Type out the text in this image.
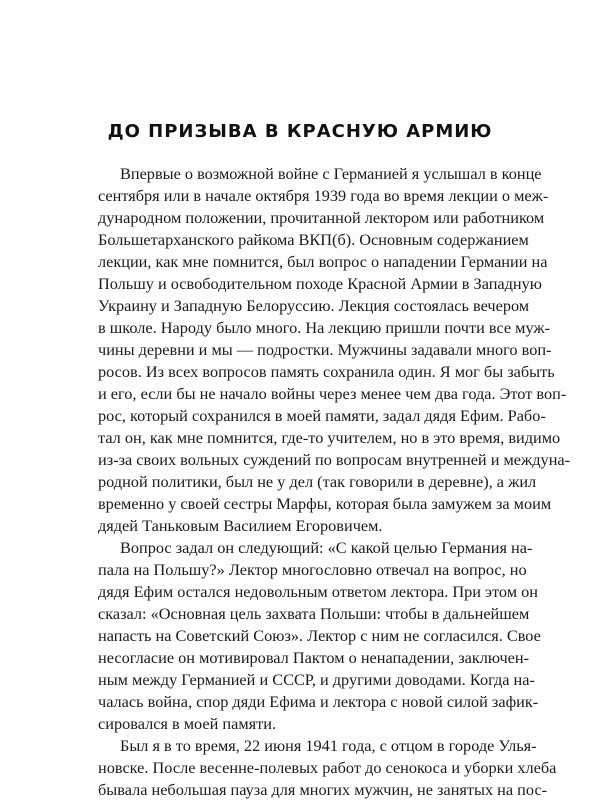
ДО ПРИЗЫВА В КРАСНУЮ АРМИЮ
Впервые о возможной войне с Германией я услышал в конце
сентября или в начале октября 1939 года во время лекции о меж-
дународном положении, прочитанной лектором или работником
Большетарханского райкома ВКП(б). Основным содержанием
лекции, как мне помнится, был вопрос о нападении Германии на
Польшу и освободительном походе Красной Армии в Западную
Украину и Западную Белоруссию. Лекция состоялась вечером
в школе. Народу было много. На лекцию пришли почти все муж-
чины деревни и мы — подростки. Мужчины задавали много воп-
росов. Из всех вопросов память сохранила один. Я мог бы забыть
и его, если бы не начало войны через менее чем два года. Этот воп-
рос, который сохранился в моей памяти, задал дядя Ефим. Рабо-
тал он, как мне помнится, где-то учителем, но в это время, видимо
из-за своих вольных суждений по вопросам внутренней и междуна-
родной политики, был не у дел (так говорили в деревне), а жил
временно у своей сестры Марфы, которая была замужем за моим
дядей Таньковым Василием Егоровичем.
Вопрос задал он следующий: «С какой целью Германия на-
пала на Польшу?» Лектор многословно отвечал на вопрос, но
дядя Ефим остался недовольным ответом лектора. При этом он
сказал: «Основная цель захвата Польши: чтобы в дальнейшем
напасть на Советский Союз». Лектор с ним не согласился. Свое
несогласие он мотивировал Пактом о ненападении, заключен-
ным между Германией и СССР, и другими доводами. Когда на-
чалась война, спор дяди Ефима и лектора с новой силой зафик-
сировался в моей памяти.
Был я в то время, 22 июня 1941 года, с отцом в городе Улья-
новске. После весенне-полевых работ до сенокоса и уборки хлеба
бывала небольшая пауза для многих мужчин, не занятых на пос-
